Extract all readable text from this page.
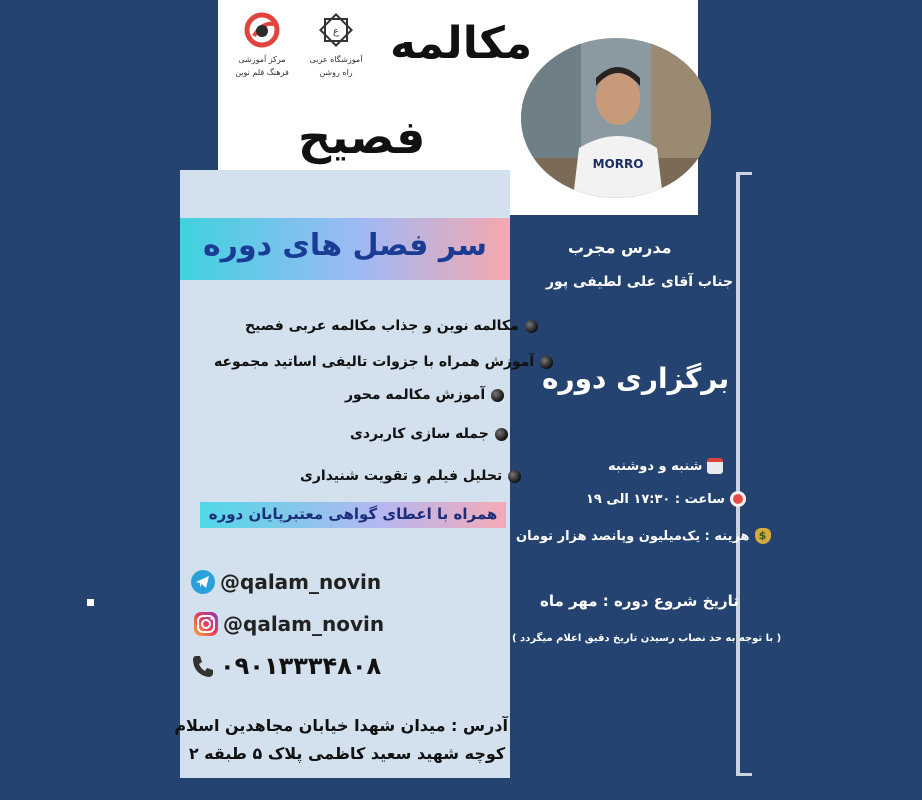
مرکز آموزشی
فرهنگ قلم نوین
ع
آموزشگاه عربی
راه روشن
مکالمه
فصیح
سر فصل های دوره
مکالمه نوین و جذاب مکالمه عربی فصیح
آموزش همراه با جزوات تالیفی اساتید مجموعه
آموزش مکالمه محور
جمله سازی کاربردی
تحلیل فیلم و تقویت شنیداری
همراه با اعطای گواهی معتبرپایان دوره
@qalam_novin
@qalam_novin
۰۹۰۱۳۳۳۴۸۰۸
آدرس : میدان شهدا خیابان مجاهدین اسلام
کوچه شهید سعید کاظمی پلاک ۵ طبقه ۲
MORRO
مدرس مجرب
جناب آقای علی لطیفی پور
برگزاری دوره
شنبه و دوشنبه
ساعت : ۱۷:۳۰ الی ۱۹
$
هزینه : یک‌میلیون وپانصد هزار تومان
تاریخ شروع دوره : مهر ماه
( با توجه به حد نصاب رسیدن تاریخ دقیق اعلام میگردد )
